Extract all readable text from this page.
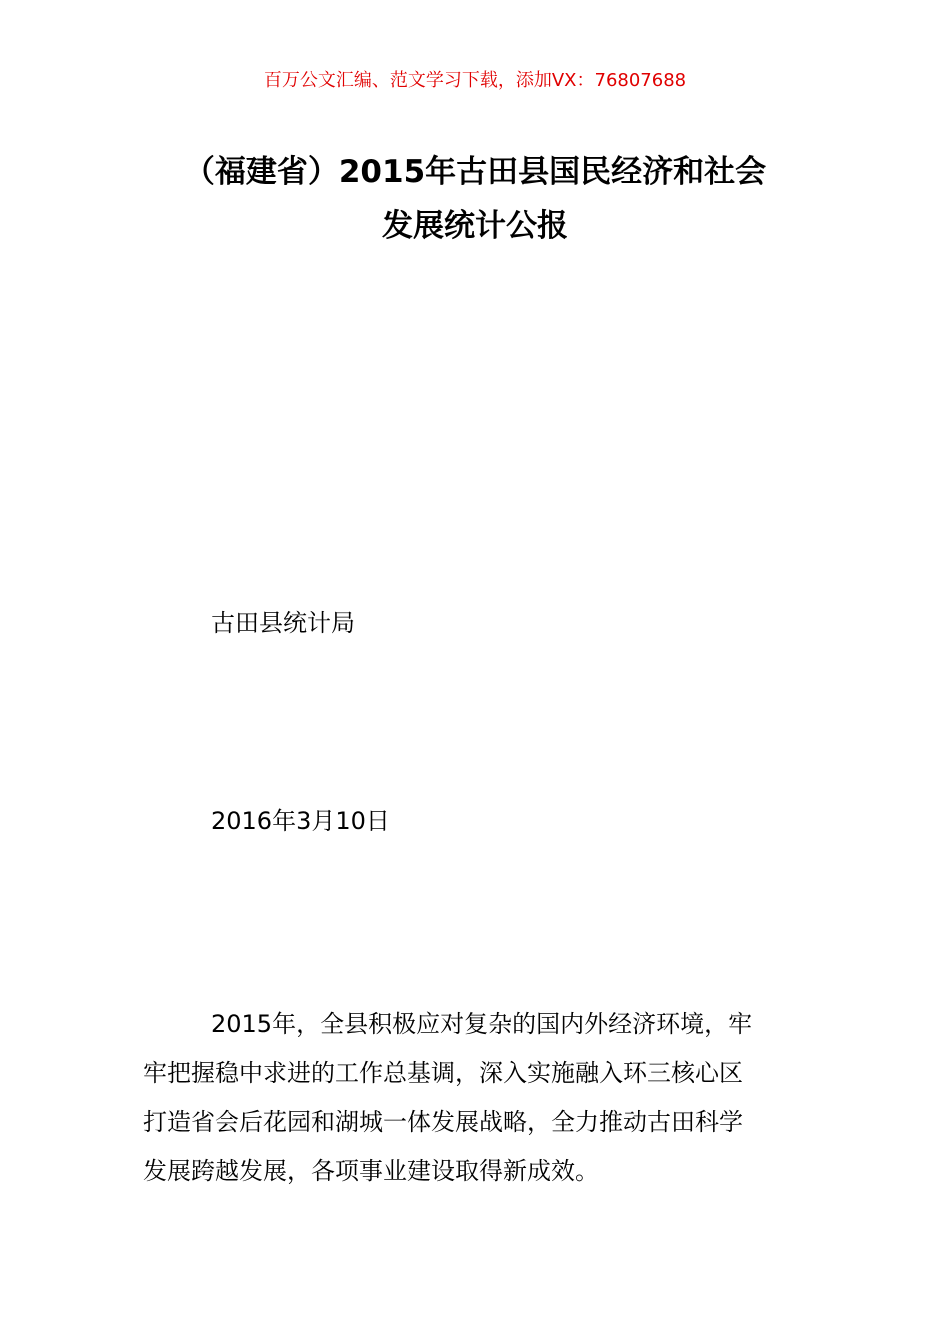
百万公文汇编、范文学习下载，添加VX：76807688
（福建省）2015年古田县国民经济和社会
发展统计公报
古田县统计局
2016年3月10日
2015年，全县积极应对复杂的国内外经济环境，牢
牢把握稳中求进的工作总基调，深入实施融入环三核心区
打造省会后花园和湖城一体发展战略，全力推动古田科学
发展跨越发展，各项事业建设取得新成效。
